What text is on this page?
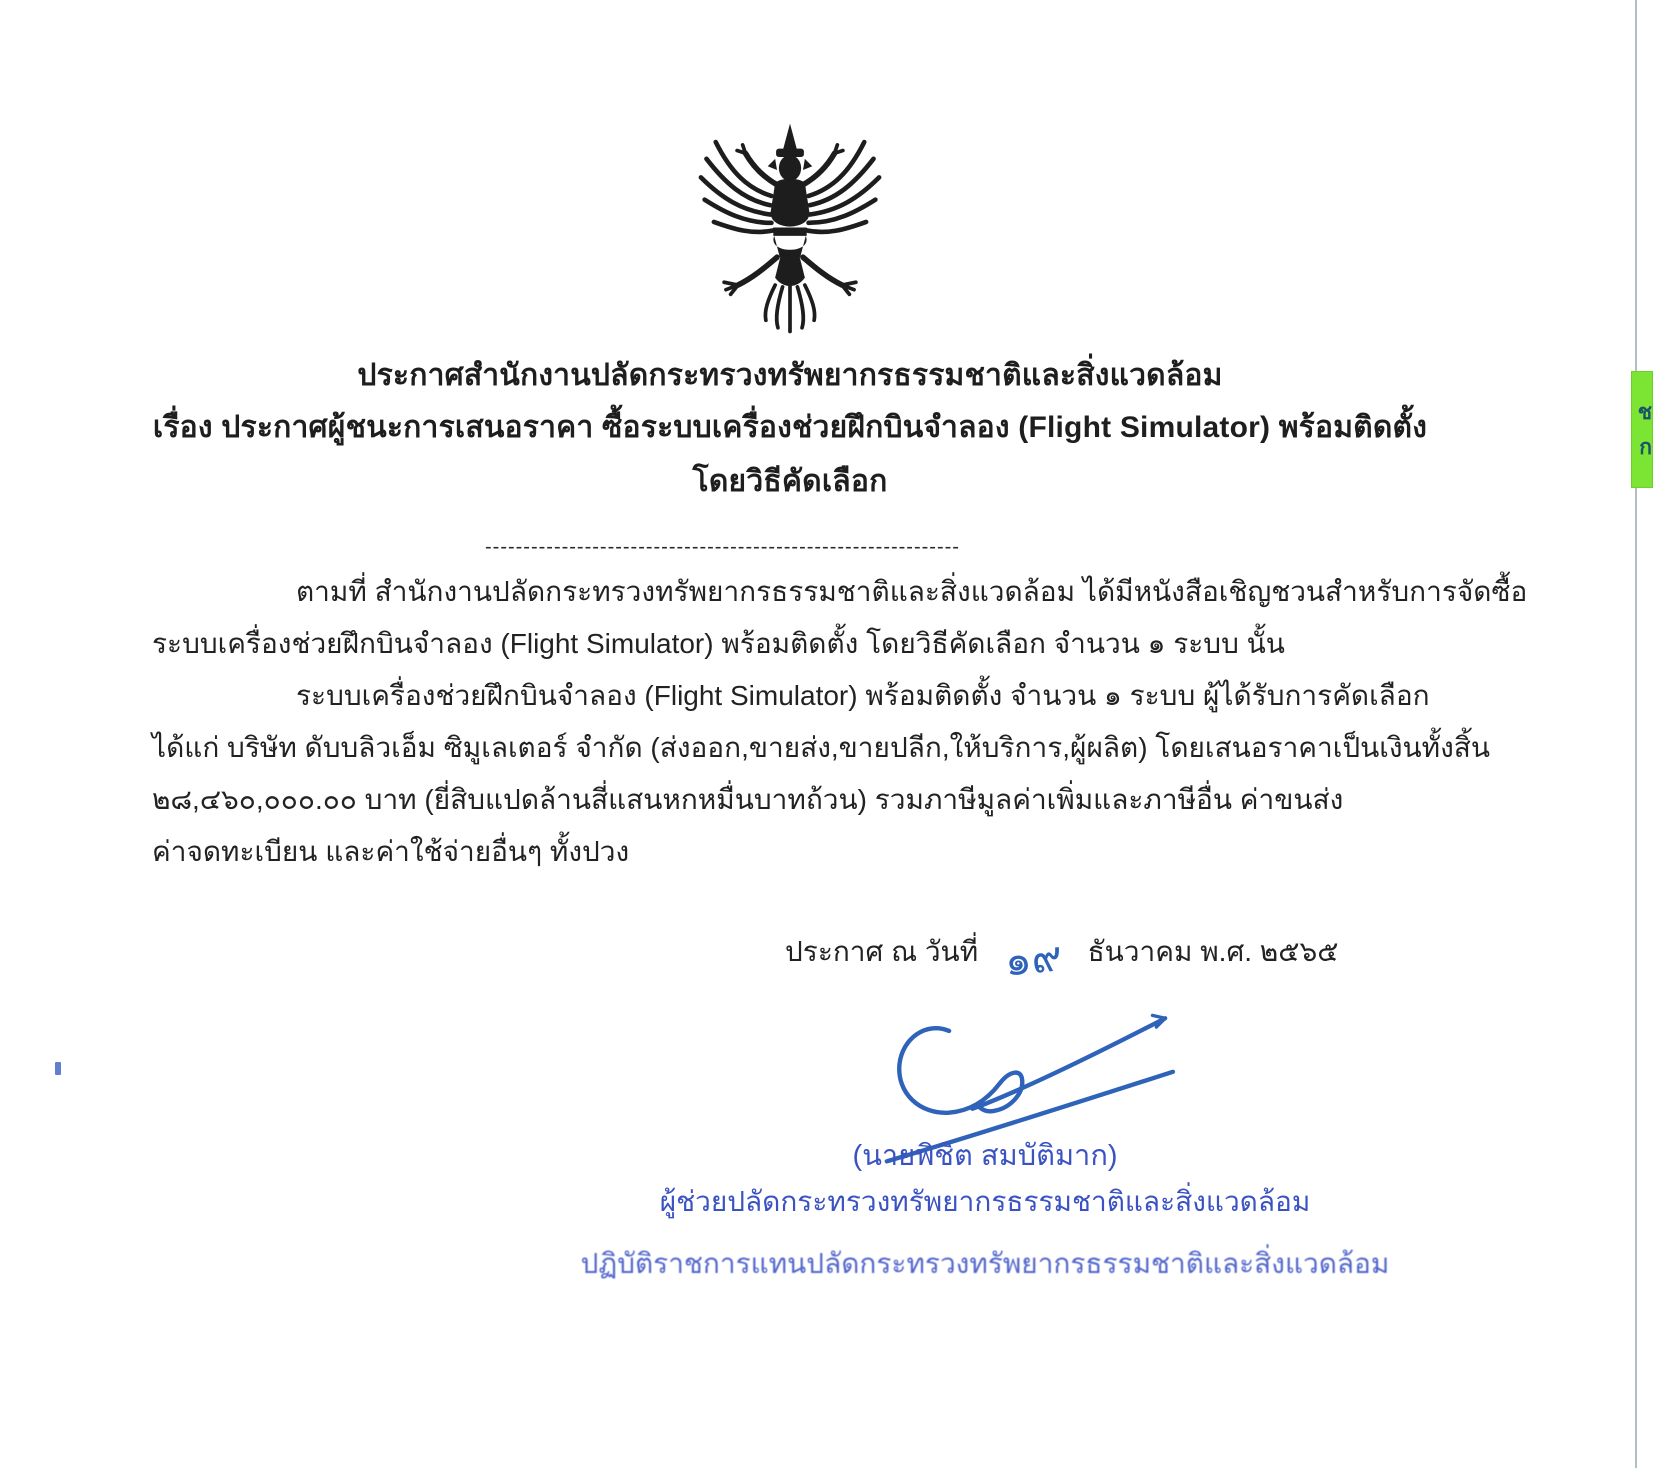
ประกาศสำนักงานปลัดกระทรวงทรัพยากรธรรมชาติและสิ่งแวดล้อม
เรื่อง ประกาศผู้ชนะการเสนอราคา ซื้อระบบเครื่องช่วยฝึกบินจำลอง (Flight Simulator) พร้อมติดตั้ง
โดยวิธีคัดเลือก
--------------------------------------------------------------
ตามที่ สำนักงานปลัดกระทรวงทรัพยากรธรรมชาติและสิ่งแวดล้อม ได้มีหนังสือเชิญชวนสำหรับการจัดซื้อ
ระบบเครื่องช่วยฝึกบินจำลอง (Flight Simulator) พร้อมติดตั้ง โดยวิธีคัดเลือก จำนวน ๑ ระบบ นั้น
ระบบเครื่องช่วยฝึกบินจำลอง (Flight Simulator) พร้อมติดตั้ง จำนวน ๑ ระบบ ผู้ได้รับการคัดเลือก
ได้แก่ บริษัท ดับบลิวเอ็ม ซิมูเลเตอร์ จำกัด (ส่งออก,ขายส่ง,ขายปลีก,ให้บริการ,ผู้ผลิต) โดยเสนอราคาเป็นเงินทั้งสิ้น
๒๘,๔๖๐,๐๐๐.๐๐ บาท (ยี่สิบแปดล้านสี่แสนหกหมื่นบาทถ้วน) รวมภาษีมูลค่าเพิ่มและภาษีอื่น ค่าขนส่ง
ค่าจดทะเบียน และค่าใช้จ่ายอื่นๆ ทั้งปวง
ประกาศ ณ วันที่ ๑๙ ธันวาคม พ.ศ. ๒๕๖๕
(นายพิชิต สมบัติมาก)
ผู้ช่วยปลัดกระทรวงทรัพยากรธรรมชาติและสิ่งแวดล้อม
ปฏิบัติราชการแทนปลัดกระทรวงทรัพยากรธรรมชาติและสิ่งแวดล้อม
ช
ก
